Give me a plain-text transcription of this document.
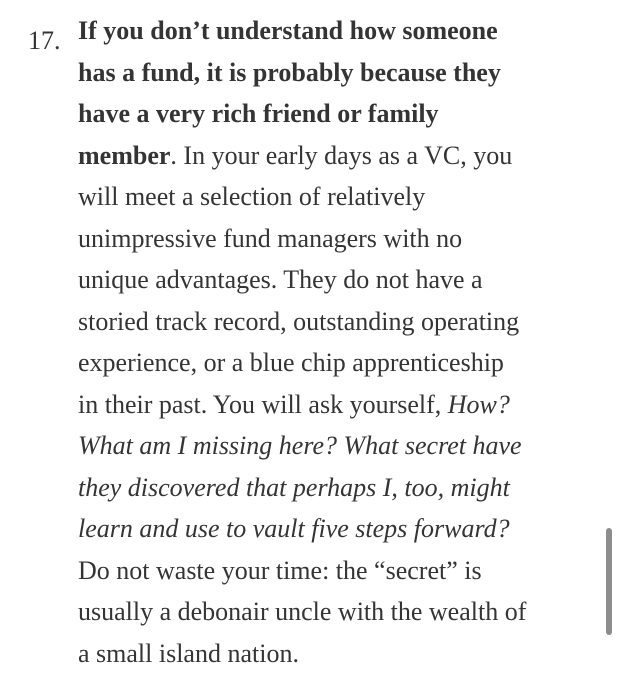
17. If you don’t understand how someone
has a fund, it is probably because they
have a very rich friend or family
member. In your early days as a VC, you
will meet a selection of relatively
unimpressive fund managers with no
unique advantages. They do not have a
storied track record, outstanding operating
experience, or a blue chip apprenticeship
in their past. You will ask yourself, How?
What am I missing here? What secret have
they discovered that perhaps I, too, might
learn and use to vault five steps forward?
Do not waste your time: the “secret” is
usually a debonair uncle with the wealth of
a small island nation.
